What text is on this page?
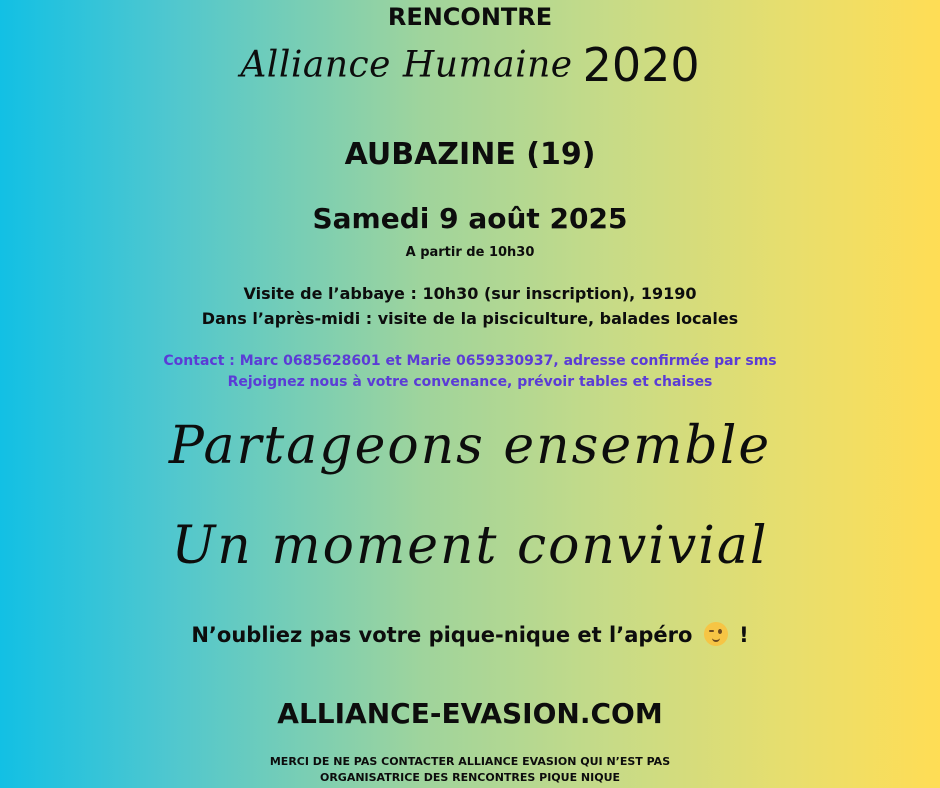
RENCONTRE
Alliance Humaine 2020
AUBAZINE (19)
Samedi 9 août 2025
A partir de 10h30
Visite de l’abbaye : 10h30 (sur inscription), 19190
Dans l’après-midi : visite de la pisciculture, balades locales
Contact : Marc 0685628601 et Marie 0659330937, adresse confirmée par sms
Rejoignez nous à votre convenance, prévoir tables et chaises
Partageons ensemble
Un moment convivial
N’oubliez pas votre pique-nique et l’apéro !
ALLIANCE-EVASION.COM
MERCI DE NE PAS CONTACTER ALLIANCE EVASION QUI N’EST PAS
ORGANISATRICE DES RENCONTRES PIQUE NIQUE
